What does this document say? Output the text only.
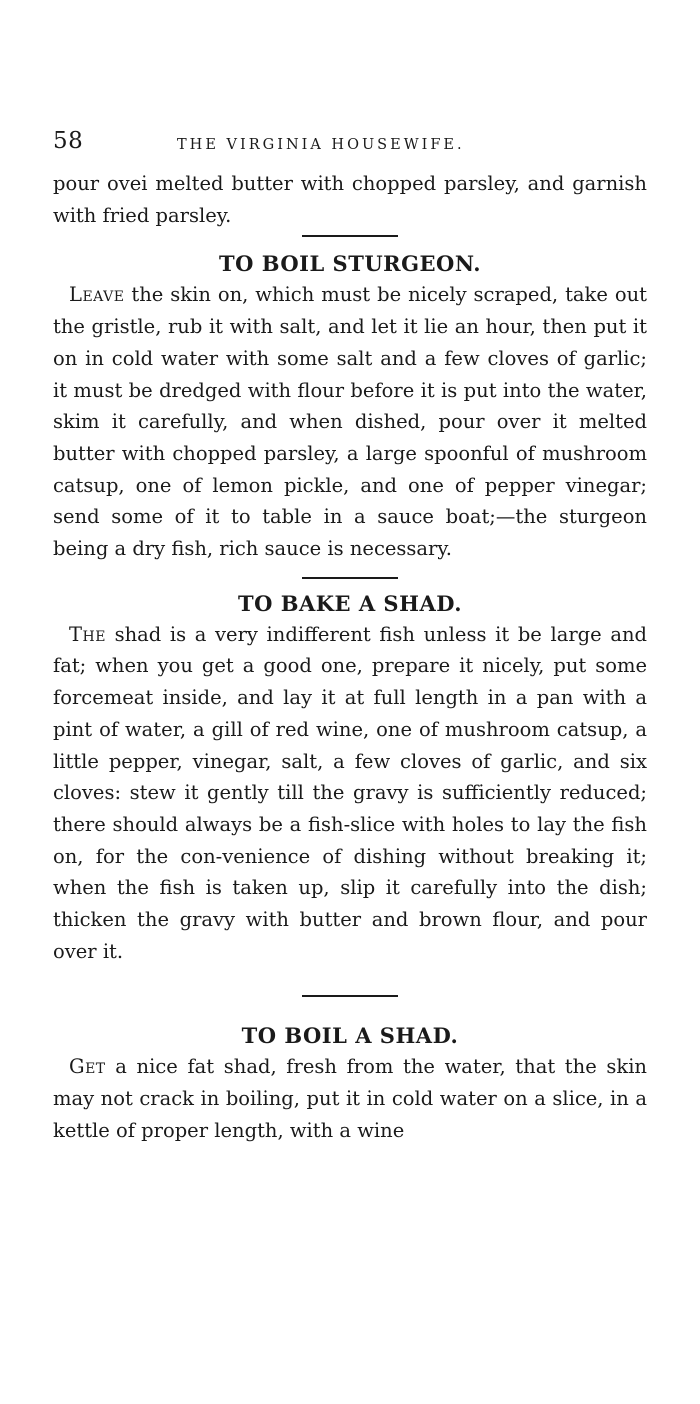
58	THE VIRGINIA HOUSEWIFE.

pour ovei melted butter with chopped parsley, and garnish with fried parsley.

TO BOIL STURGEON.

Leave the skin on, which must be nicely scraped, take out the gristle, rub it with salt, and let it lie an hour, then put it on in cold water with some salt and a few cloves of garlic; it must be dredged with flour before it is put into the water, skim it carefully, and when dished, pour over it melted butter with chopped parsley, a large spoonful of mushroom catsup, one of lemon pickle, and one of pepper vinegar; send some of it to table in a sauce boat;—the sturgeon being a dry fish, rich sauce is necessary.

TO BAKE A SHAD.

The shad is a very indifferent fish unless it be large and fat; when you get a good one, prepare it nicely, put some forcemeat inside, and lay it at full length in a pan with a pint of water, a gill of red wine, one of mushroom catsup, a little pepper, vinegar, salt, a few cloves of garlic, and six cloves: stew it gently till the gravy is sufficiently reduced; there should always be a fish-slice with holes to lay the fish on, for the con-venience of dishing without breaking it; when the fish is taken up, slip it carefully into the dish; thicken the gravy with butter and brown flour, and pour over it.

TO BOIL A SHAD.

Get a nice fat shad, fresh from the water, that the skin may not crack in boiling, put it in cold water on a slice, in a kettle of proper length, with a wine
